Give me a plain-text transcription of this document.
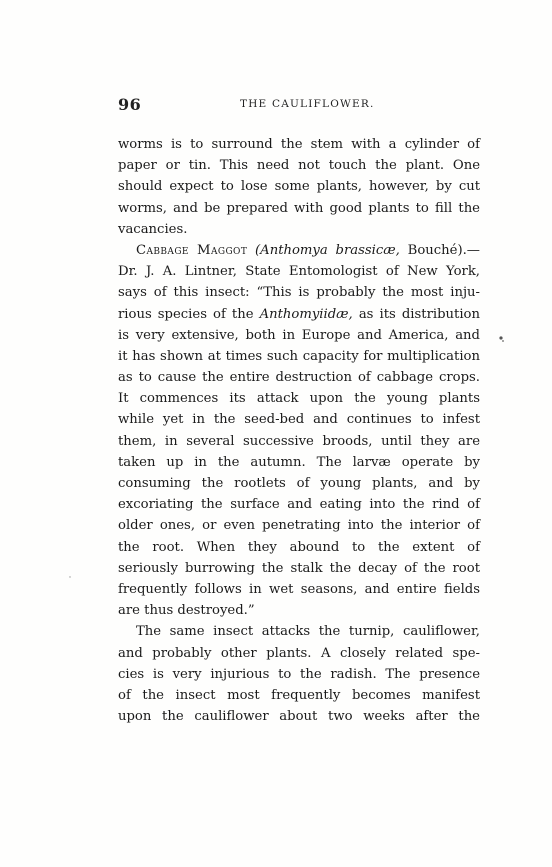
96	THE CAULIFLOWER.
worms is to surround the stem with a cylinder of
paper or tin. This need not touch the plant. One
should expect to lose some plants, however, by cut
worms, and be prepared with good plants to fill the
vacancies.
Cabbage Maggot (Anthomya brassicæ, Bouché).—
Dr. J. A. Lintner, State Entomologist of New York,
says of this insect: “This is probably the most inju-
rious species of the Anthomyiidæ, as its distribution
is very extensive, both in Europe and America, and
it has shown at times such capacity for multiplication
as to cause the entire destruction of cabbage crops.
It commences its attack upon the young plants
while yet in the seed-bed and continues to infest
them, in several successive broods, until they are
taken up in the autumn. The larvæ operate by
consuming the rootlets of young plants, and by
excoriating the surface and eating into the rind of
older ones, or even penetrating into the interior of
the root. When they abound to the extent of
seriously burrowing the stalk the decay of the root
frequently follows in wet seasons, and entire fields
are thus destroyed.”
The same insect attacks the turnip, cauliflower,
and probably other plants. A closely related spe-
cies is very injurious to the radish. The presence
of the insect most frequently becomes manifest
upon the cauliflower about two weeks after the
